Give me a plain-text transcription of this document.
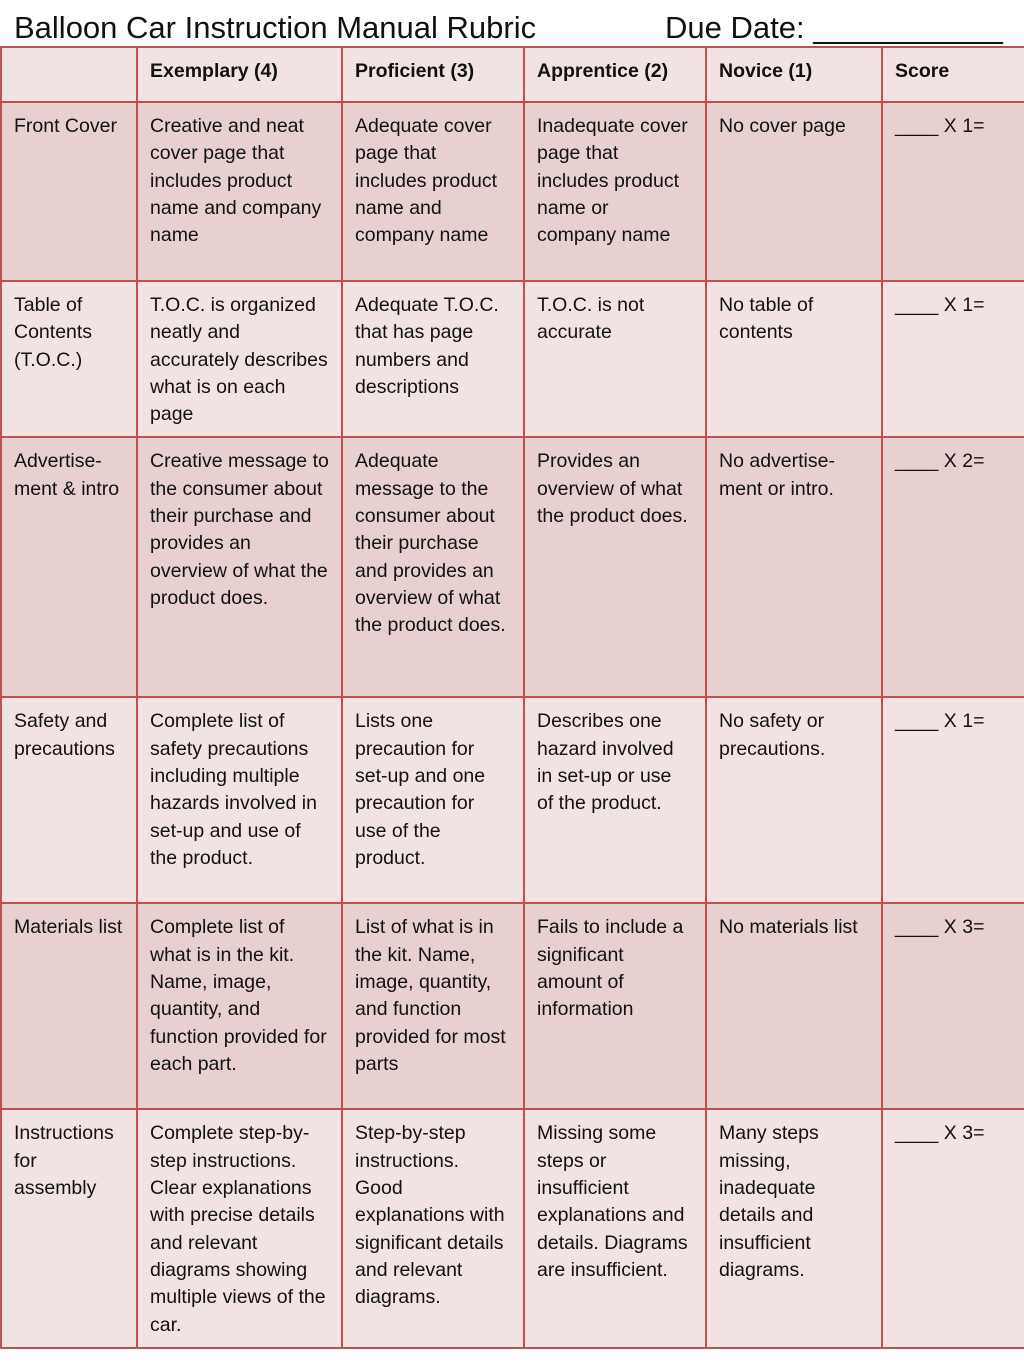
Balloon Car Instruction Manual Rubric	Due Date: ___________
	Exemplary (4)	Proficient (3)	Apprentice (2)	Novice (1)	Score
Front Cover	Creative and neat cover page that includes product name and company name	Adequate cover page that includes product name and company name	Inadequate cover page that includes product name or company name	No cover page	____ X 1=
Table of Contents (T.O.C.)	T.O.C. is organized neatly and accurately describes what is on each page	Adequate T.O.C. that has page numbers and descriptions	T.O.C. is not accurate	No table of contents	____ X 1=
Advertise-ment & intro	Creative message to the consumer about their purchase and provides an overview of what the product does.	Adequate message to the consumer about their purchase and provides an overview of what the product does.	Provides an overview of what the product does.	No advertise-ment or intro.	____ X 2=
Safety and precautions	Complete list of safety precautions including multiple hazards involved in set-up and use of the product.	Lists one precaution for set-up and one precaution for use of the product.	Describes one hazard involved in set-up or use of the product.	No safety or precautions.	____ X 1=
Materials list	Complete list of what is in the kit. Name, image, quantity, and function provided for each part.	List of what is in the kit. Name, image, quantity, and function provided for most parts	Fails to include a significant amount of information	No materials list	____ X 3=
Instructions for assembly	Complete step-by-step instructions. Clear explanations with precise details and relevant diagrams showing multiple views of the car.	Step-by-step instructions. Good explanations with significant details and relevant diagrams.	Missing some steps or insufficient explanations and details. Diagrams are insufficient.	Many steps missing, inadequate details and insufficient diagrams.	____ X 3=
